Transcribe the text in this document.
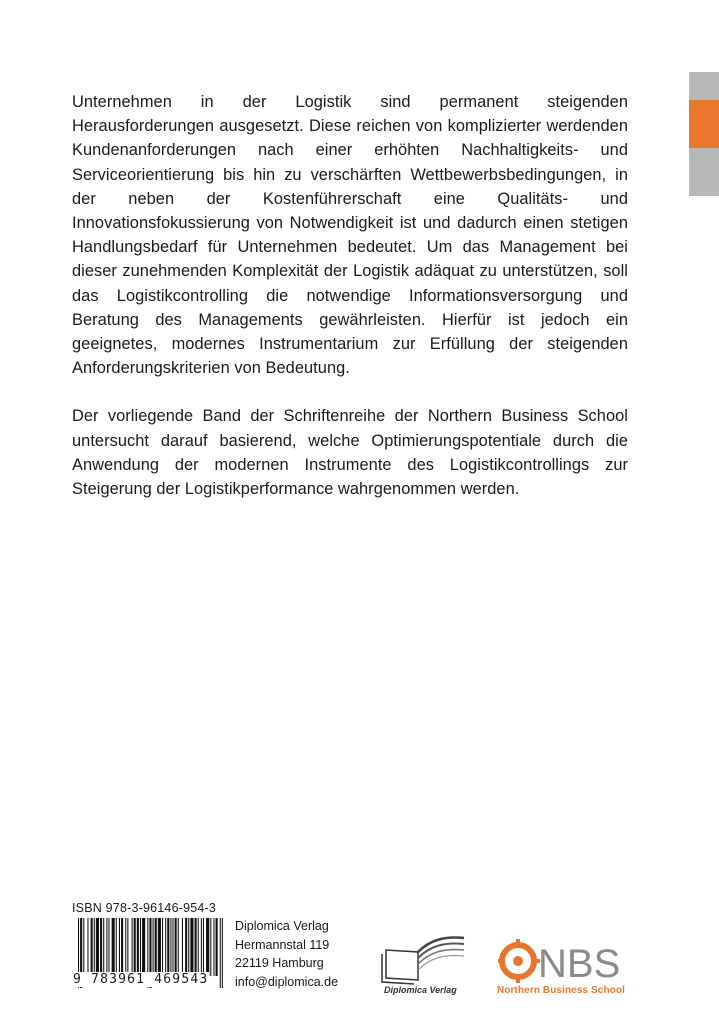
Unternehmen in der Logistik sind permanent steigenden Herausforderungen ausgesetzt. Diese reichen von komplizierter werdenden Kundenanforderungen nach einer erhöhten Nachhaltigkeits- und Serviceorientierung bis hin zu verschärften Wettbewerbsbedingungen, in der neben der Kostenführerschaft eine Qualitäts- und Innovationsfokussierung von Notwendigkeit ist und dadurch einen stetigen Handlungsbedarf für Unternehmen bedeutet. Um das Management bei dieser zunehmenden Komplexität der Logistik adäquat zu unterstützen, soll das Logistikcontrolling die notwendige Informationsversorgung und Beratung des Managements gewährleisten. Hierfür ist jedoch ein geeignetes, modernes Instrumentarium zur Erfüllung der steigenden Anforderungskriterien von Bedeutung.

Der vorliegende Band der Schriftenreihe der Northern Business School untersucht darauf basierend, welche Optimierungspotentiale durch die Anwendung der modernen Instrumente des Logistikcontrollings zur Steigerung der Logistikperformance wahrgenommen werden.

ISBN 978-3-96146-954-3
9 783961 469543
Diplomica Verlag
Hermannstal 119
22119 Hamburg
info@diplomica.de
Diplomica Verlag
NBS
Northern Business School
